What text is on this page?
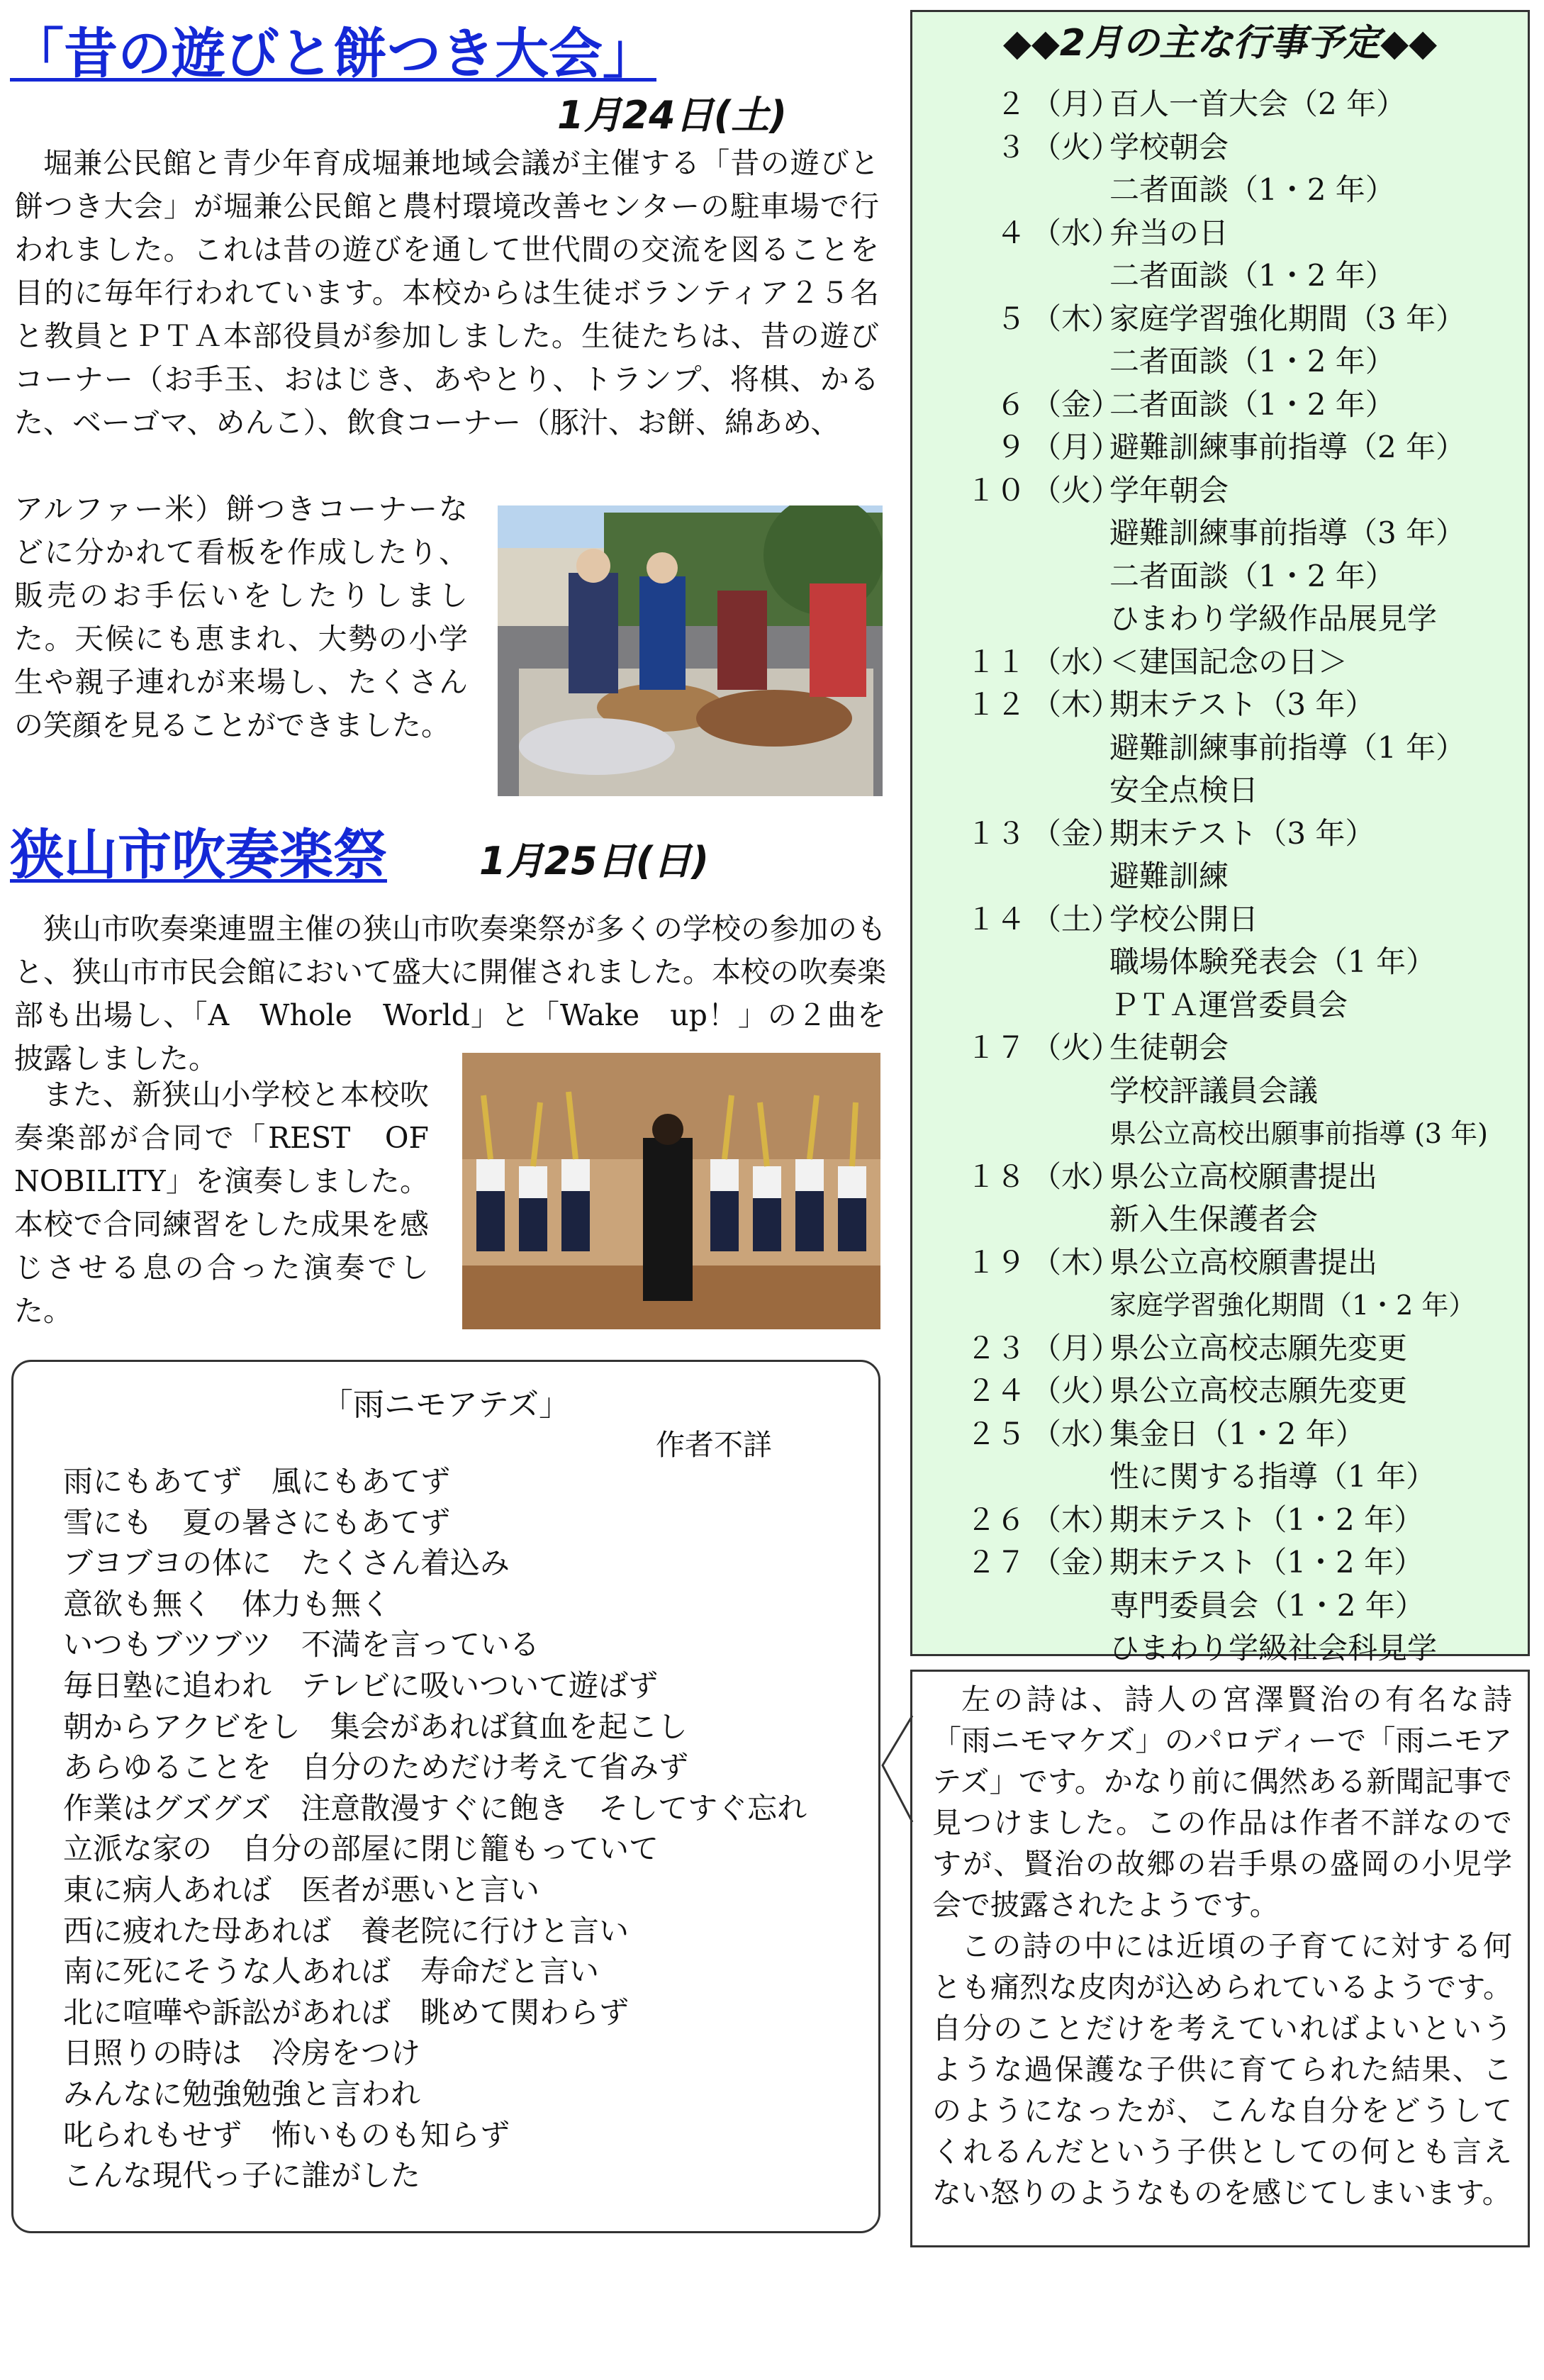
「昔の遊びと餅つき大会」
1月24日(土)

堀兼公民館と青少年育成堀兼地域会議が主催する「昔の遊びと餅つき大会」が堀兼公民館と農村環境改善センターの駐車場で行われました。これは昔の遊びを通して世代間の交流を図ることを目的に毎年行われています。本校からは生徒ボランティア２５名と教員とＰＴＡ本部役員が参加しました。生徒たちは、昔の遊びコーナー（お手玉、おはじき、あやとり、トランプ、将棋、かるた、ベーゴマ、めんこ）、飲食コーナー（豚汁、お餅、綿あめ、

アルファー米）餅つきコーナーなどに分かれて看板を作成したり、販売のお手伝いをしたりしました。天候にも恵まれ、大勢の小学生や親子連れが来場し、たくさんの笑顔を見ることができました。

狭山市吹奏楽祭 1月25日(日)

狭山市吹奏楽連盟主催の狭山市吹奏楽祭が多くの学校の参加のもと、狭山市市民会館において盛大に開催されました。本校の吹奏楽部も出場し、「A　Whole　World」と「Wake　up！」の２曲を披露しました。

また、新狭山小学校と本校吹奏楽部が合同で「REST　OF　NOBILITY」を演奏しました。本校で合同練習をした成果を感じさせる息の合った演奏でした。

◆◆2月の主な行事予定◆◆
２ （月）
百人一首大会（2 年）
３ （火）
学校朝会
二者面談（1・2 年）
４ （水）
弁当の日
二者面談（1・2 年）
５ （木）
家庭学習強化期間（3 年）
二者面談（1・2 年）
６ （金）
二者面談（1・2 年）
９ （月）
避難訓練事前指導（2 年）
１０ （火）
学年朝会
避難訓練事前指導（3 年）
二者面談（1・2 年）
ひまわり学級作品展見学
１１ （水）
＜建国記念の日＞
１２ （木）
期末テスト（3 年）
避難訓練事前指導（1 年）
安全点検日
１３ （金）
期末テスト（3 年）
避難訓練
１４ （土）
学校公開日
職場体験発表会（1 年）
ＰＴＡ運営委員会
１７ （火）
生徒朝会
学校評議員会議
県公立高校出願事前指導 (3 年)
１８ （水）
県公立高校願書提出
新入生保護者会
１９ （木）
県公立高校願書提出
家庭学習強化期間（1・2 年）
２３ （月）
県公立高校志願先変更
２４ （火）
県公立高校志願先変更
２５ （水）
集金日（1・2 年）
性に関する指導（1 年）
２６ （木）
期末テスト（1・2 年）
２７ （金）
期末テスト（1・2 年）
専門委員会（1・2 年）
ひまわり学級社会科見学
「雨ニモアテズ」
作者不詳
雨にもあてず　風にもあてず
雪にも　夏の暑さにもあてず
ブヨブヨの体に　たくさん着込み
意欲も無く　体力も無く
いつもブツブツ　不満を言っている
毎日塾に追われ　テレビに吸いついて遊ばず
朝からアクビをし　集会があれば貧血を起こし
あらゆることを　自分のためだけ考えて省みず
作業はグズグズ　注意散漫すぐに飽き　そしてすぐ忘れ
立派な家の　自分の部屋に閉じ籠もっていて
東に病人あれば　医者が悪いと言い
西に疲れた母あれば　養老院に行けと言い
南に死にそうな人あれば　寿命だと言い
北に喧嘩や訴訟があれば　眺めて関わらず
日照りの時は　冷房をつけ
みんなに勉強勉強と言われ
叱られもせず　怖いものも知らず
こんな現代っ子に誰がした

左の詩は、詩人の宮澤賢治の有名な詩「雨ニモマケズ」のパロディーで「雨ニモアテズ」です。かなり前に偶然ある新聞記事で見つけました。この作品は作者不詳なのですが、賢治の故郷の岩手県の盛岡の小児学会で披露されたようです。

この詩の中には近頃の子育てに対する何とも痛烈な皮肉が込められているようです。自分のことだけを考えていればよいというような過保護な子供に育てられた結果、このようになったが、こんな自分をどうしてくれるんだという子供としての何とも言えない怒りのようなものを感じてしまいます。
